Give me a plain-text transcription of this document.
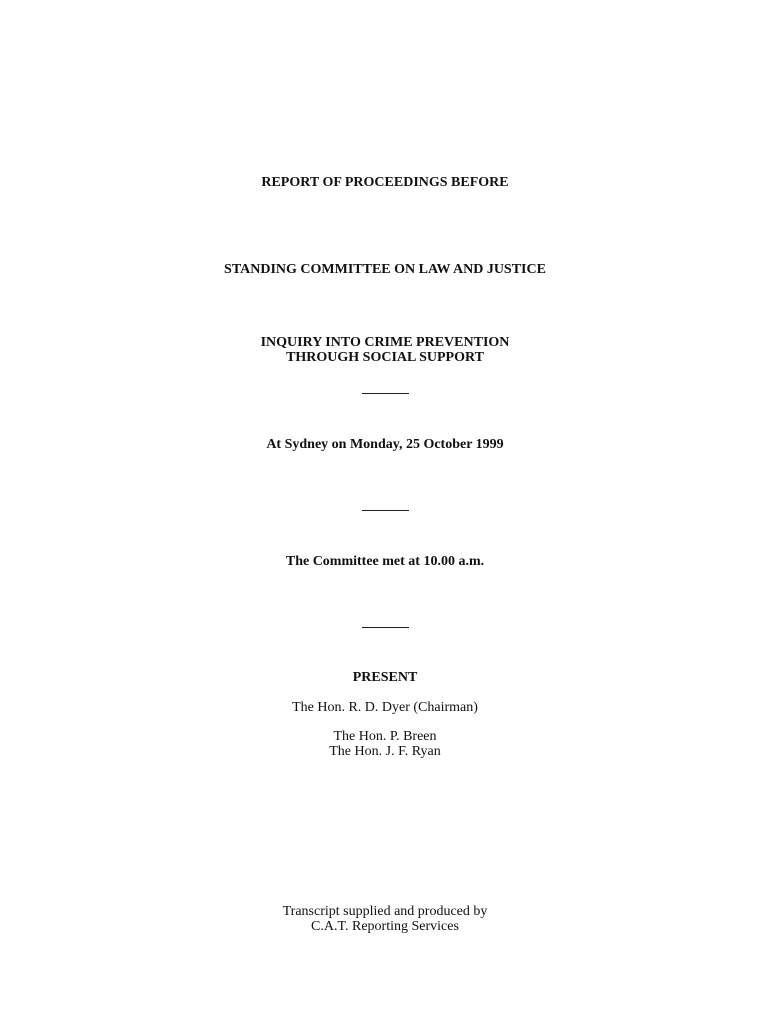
REPORT OF PROCEEDINGS BEFORE
STANDING COMMITTEE ON LAW AND JUSTICE
INQUIRY INTO CRIME PREVENTION
THROUGH SOCIAL SUPPORT
At Sydney on Monday, 25 October 1999
The Committee met at 10.00 a.m.
PRESENT
The Hon. R. D. Dyer (Chairman)
The Hon. P. Breen
The Hon. J. F. Ryan
Transcript supplied and produced by
C.A.T. Reporting Services
